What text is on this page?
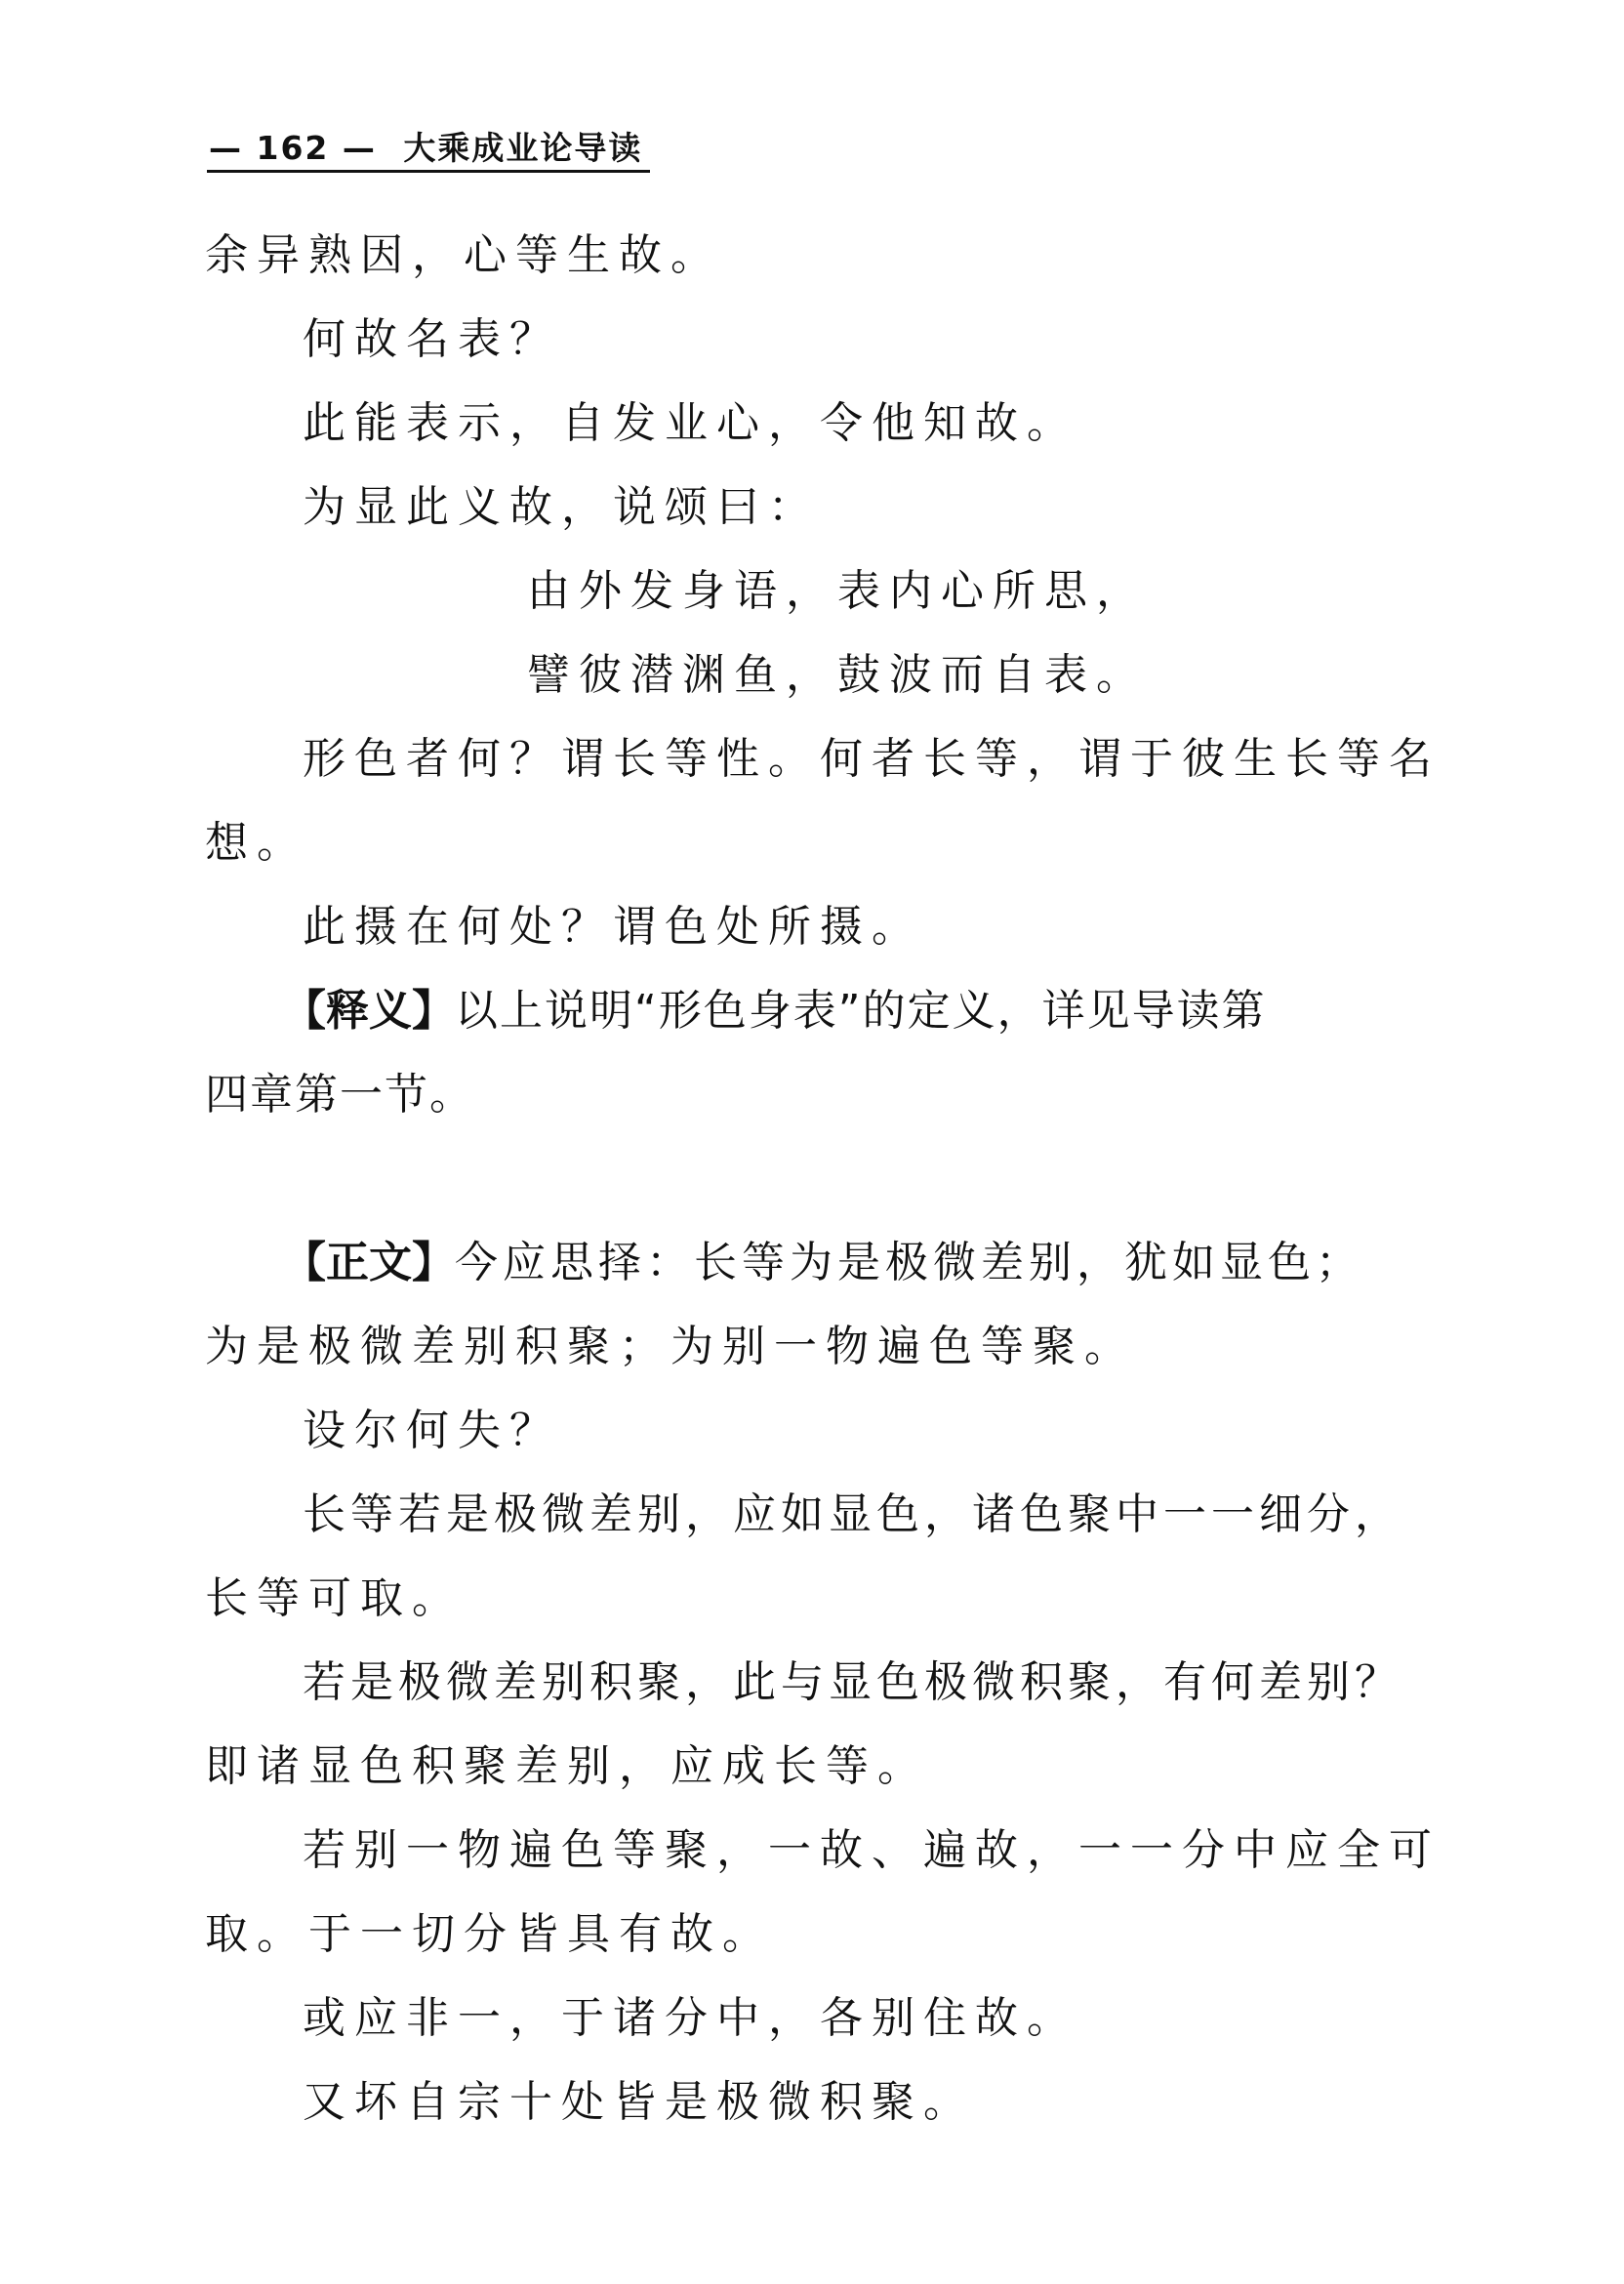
— 162 — 大乘成业论导读
余异熟因，心等生故。
何故名表？
此能表示，自发业心，令他知故。
为显此义故，说颂曰：
由外发身语，表内心所思，
譬彼潜渊鱼，鼓波而自表。
形色者何？谓长等性。何者长等，谓于彼生长等名
想。
此摄在何处？谓色处所摄。
【释义】以上说明“形色身表”的定义，详见导读第
四章第一节。
【正文】今应思择：长等为是极微差别，犹如显色；
为是极微差别积聚；为别一物遍色等聚。
设尔何失？
长等若是极微差别，应如显色，诸色聚中一一细分，
长等可取。
若是极微差别积聚，此与显色极微积聚，有何差别？
即诸显色积聚差别，应成长等。
若别一物遍色等聚，一故、遍故，一一分中应全可
取。于一切分皆具有故。
或应非一，于诸分中，各别住故。
又坏自宗十处皆是极微积聚。
